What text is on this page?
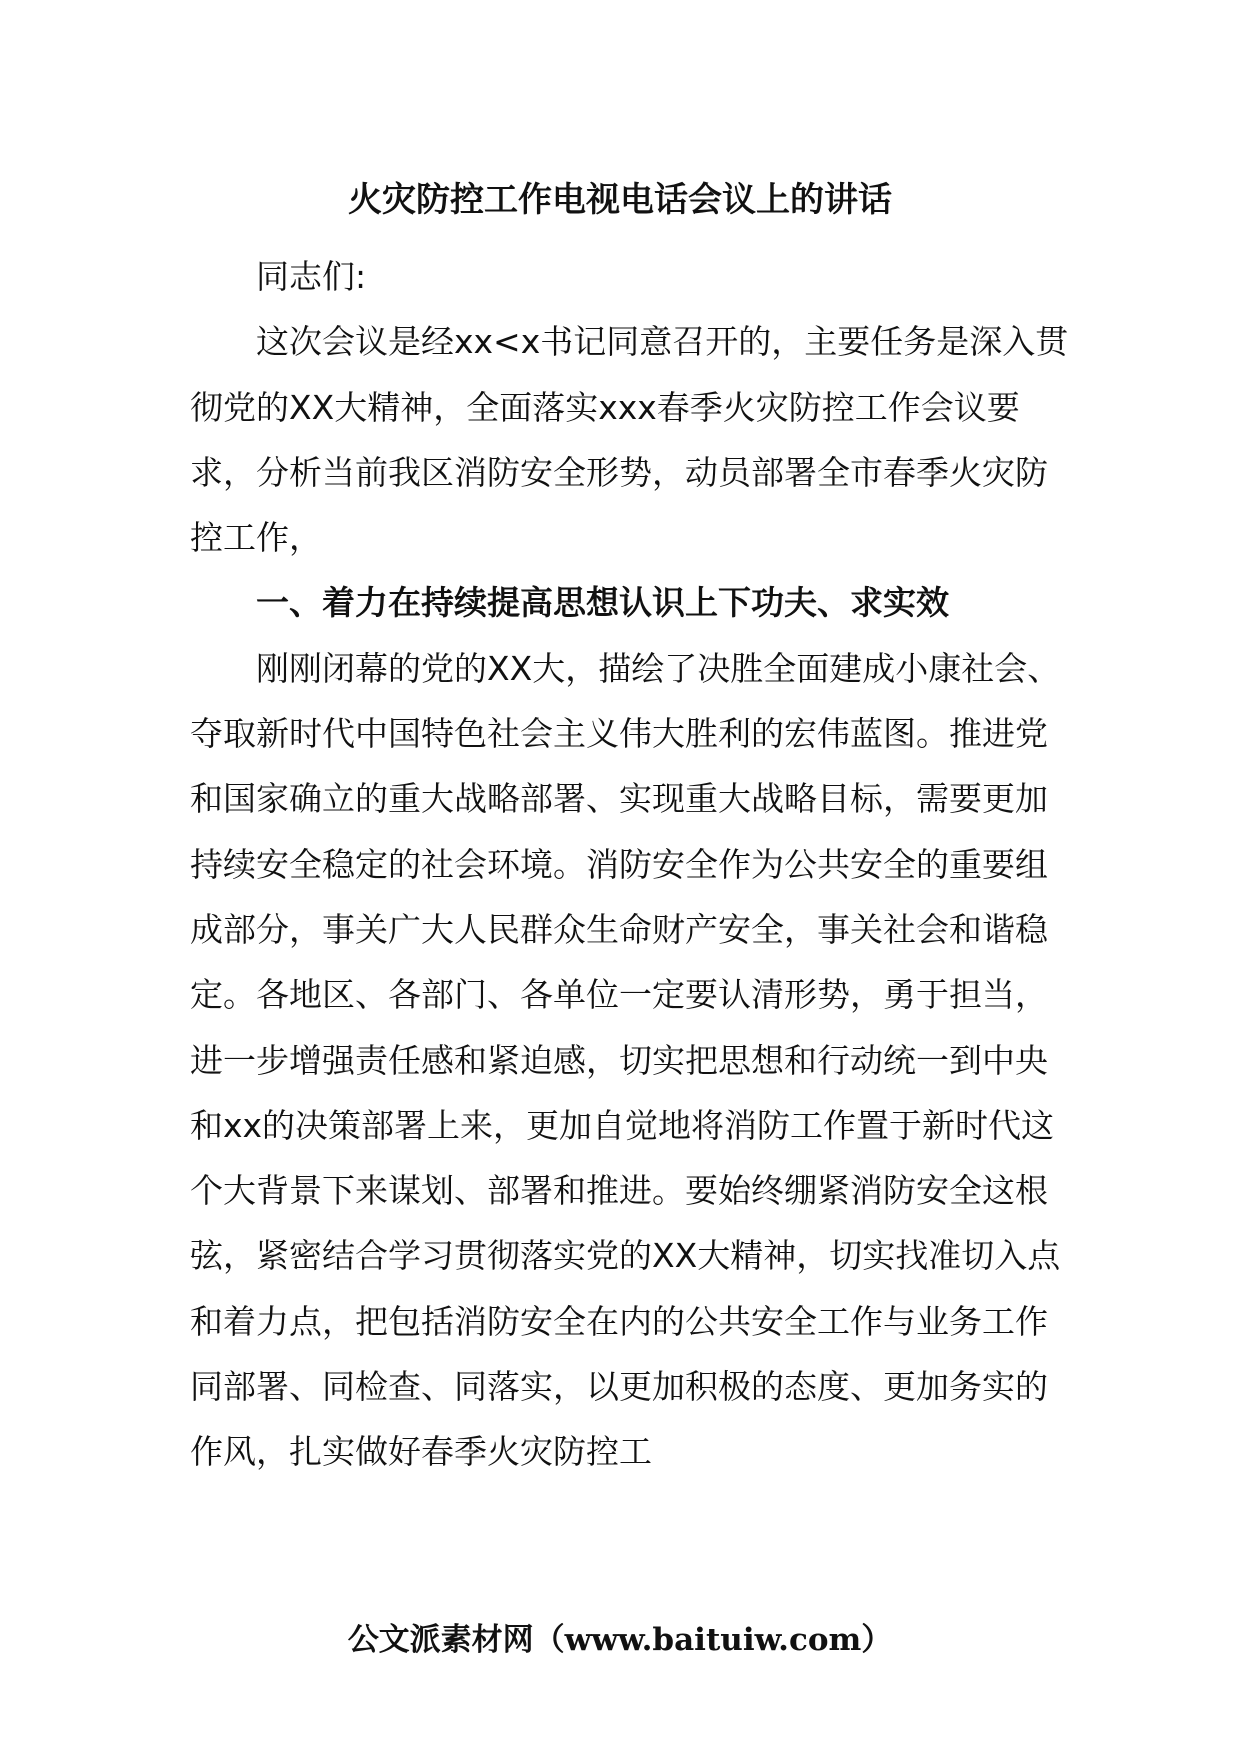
火灾防控工作电视电话会议上的讲话

同志们:

这次会议是经xx<x书记同意召开的，主要任务是深入贯彻党的XX大精神，全面落实xxx春季火灾防控工作会议要求，分析当前我区消防安全形势，动员部署全市春季火灾防控工作，

一、着力在持续提高思想认识上下功夫、求实效

刚刚闭幕的党的XX大，描绘了决胜全面建成小康社会、夺取新时代中国特色社会主义伟大胜利的宏伟蓝图。推进党和国家确立的重大战略部署、实现重大战略目标，需要更加持续安全稳定的社会环境。消防安全作为公共安全的重要组成部分，事关广大人民群众生命财产安全，事关社会和谐稳定。各地区、各部门、各单位一定要认清形势，勇于担当，进一步增强责任感和紧迫感，切实把思想和行动统一到中央和xx的决策部署上来，更加自觉地将消防工作置于新时代这个大背景下来谋划、部署和推进。要始终绷紧消防安全这根弦，紧密结合学习贯彻落实党的XX大精神，切实找准切入点和着力点，把包括消防安全在内的公共安全工作与业务工作同部署、同检查、同落实，以更加积极的态度、更加务实的作风，扎实做好春季火灾防控工

公文派素材网（www.baituiw.com）
